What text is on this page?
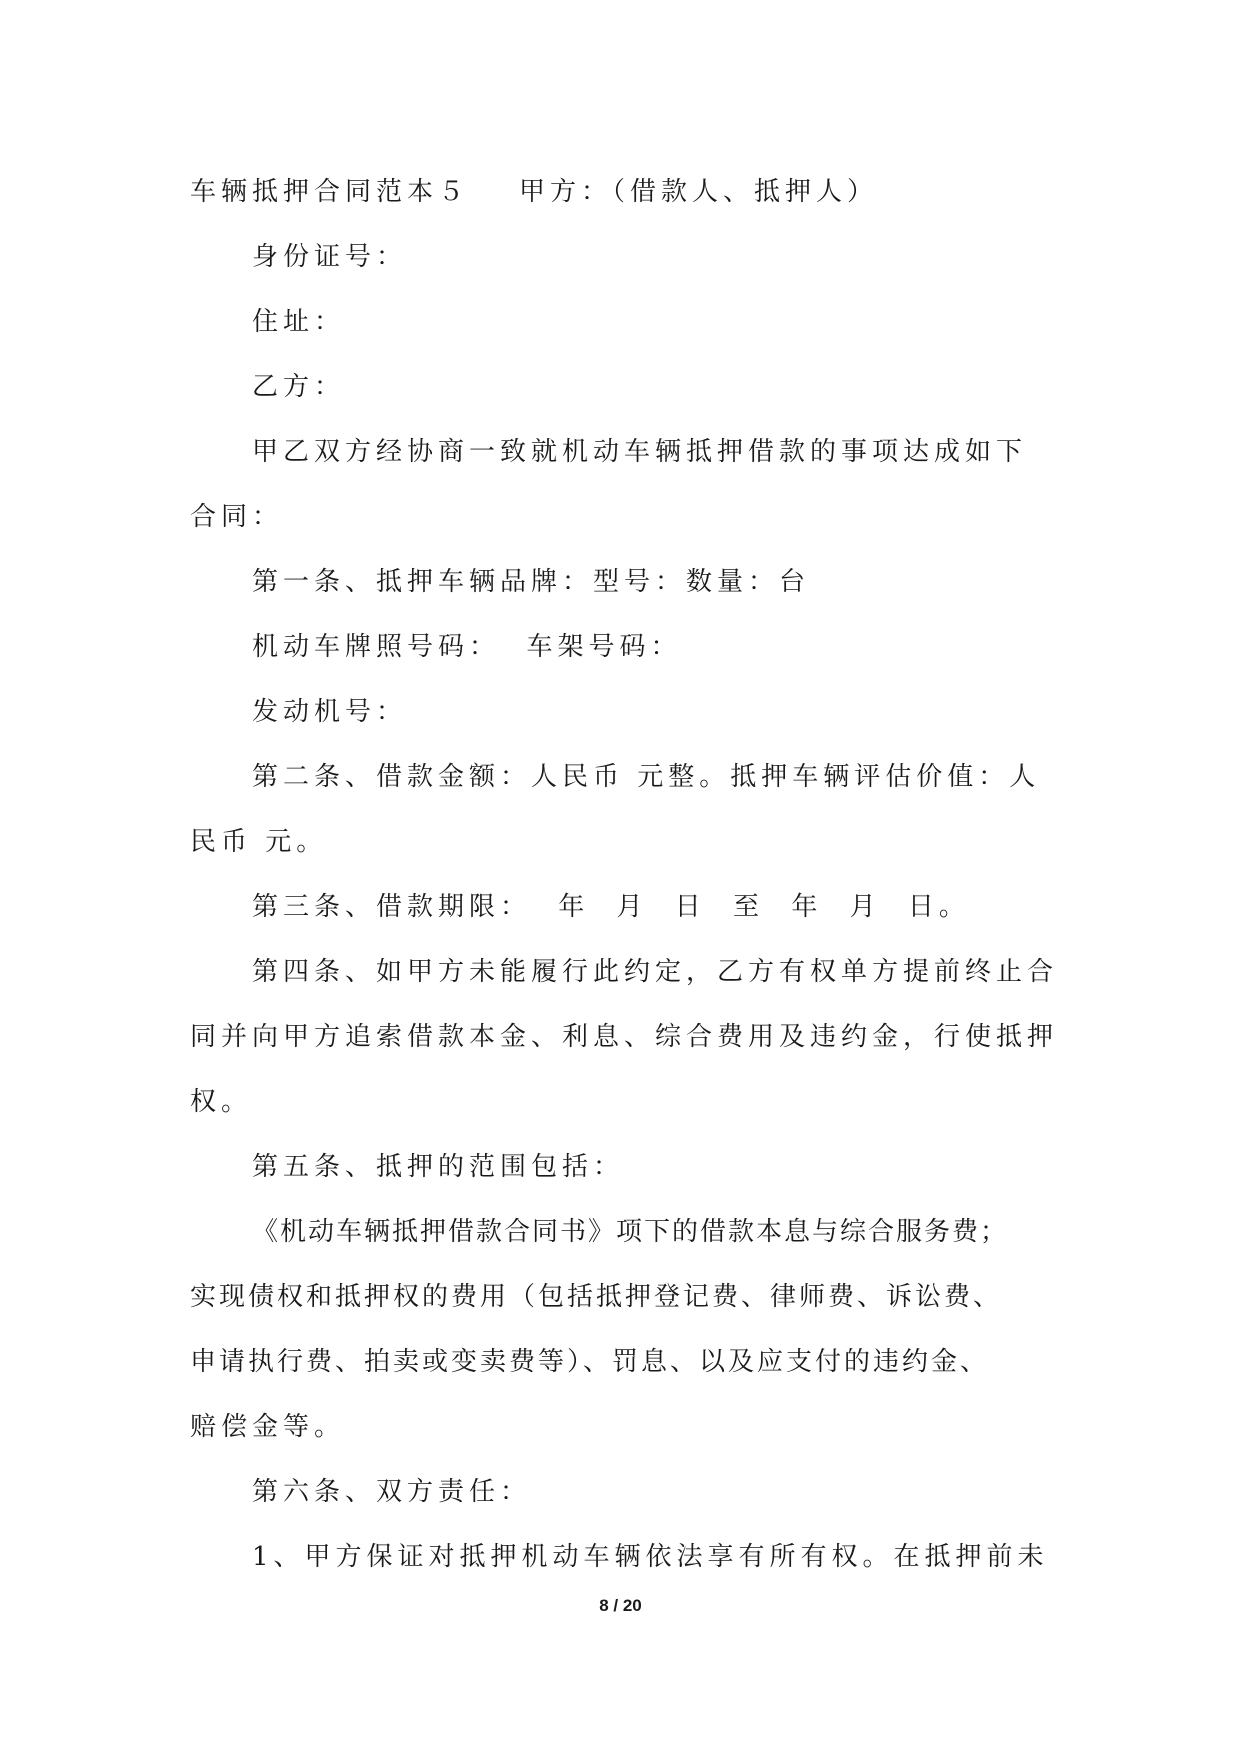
车辆抵押合同范本５ 甲方：（借款人、抵押人）
身份证号：
住址：
乙方：
甲乙双方经协商一致就机动车辆抵押借款的事项达成如下
合同：
第一条、抵押车辆品牌：型号：数量：台
机动车牌照号码：  车架号码：
发动机号：
第二条、借款金额：人民币 元整。抵押车辆评估价值：人
民币 元。
第三条、借款期限： 年 月 日 至 年 月 日。
第四条、如甲方未能履行此约定，乙方有权单方提前终止合
同并向甲方追索借款本金、利息、综合费用及违约金，行使抵押
权。
第五条、抵押的范围包括：
《机动车辆抵押借款合同书》项下的借款本息与综合服务费；
实现债权和抵押权的费用（包括抵押登记费、律师费、诉讼费、
申请执行费、拍卖或变卖费等）、罚息、以及应支付的违约金、
赔偿金等。
第六条、双方责任：
1、甲方保证对抵押机动车辆依法享有所有权。在抵押前未
8 / 20
